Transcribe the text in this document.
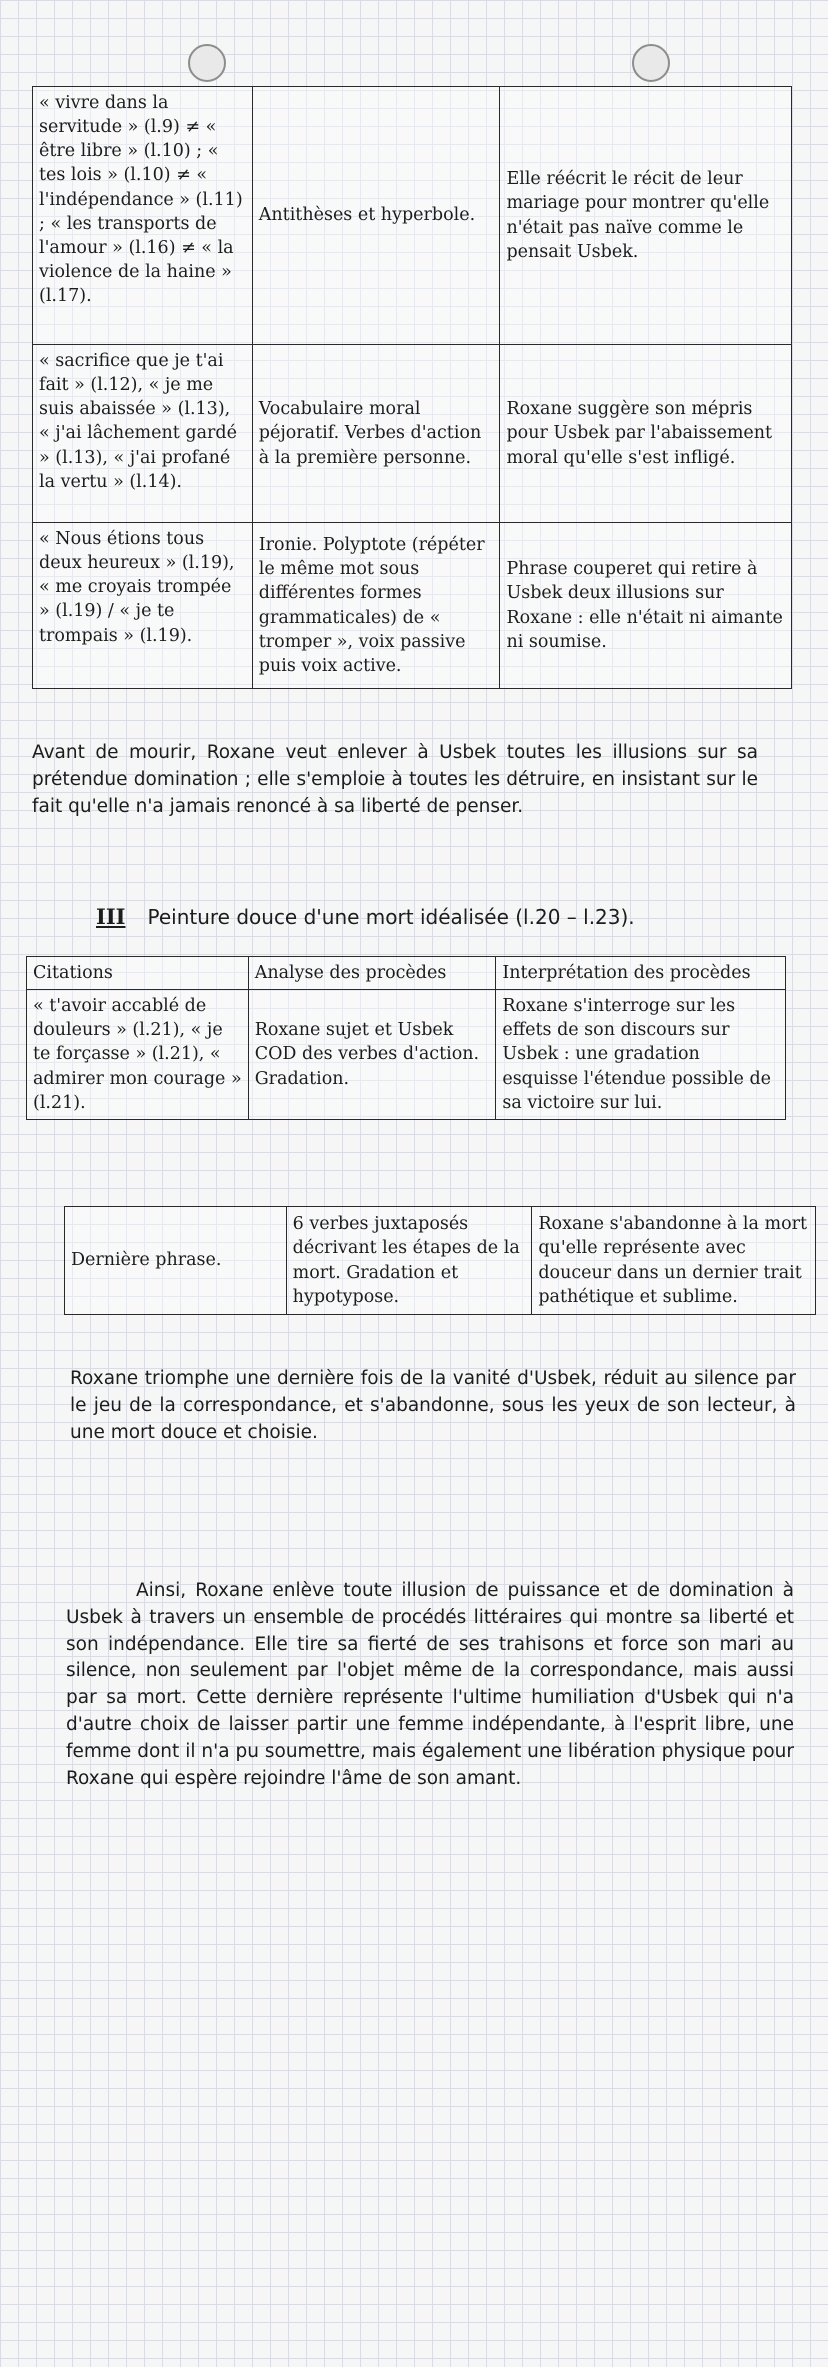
« vivre dans la servitude » (l.9) ≠ « être libre » (l.10) ; « tes lois » (l.10) ≠ « l'indépendance » (l.11) ; « les transports de l'amour » (l.16) ≠ « la violence de la haine » (l.17).	Antithèses et hyperbole.	Elle réécrit le récit de leur mariage pour montrer qu'elle n'était pas naïve comme le pensait Usbek.
« sacrifice que je t'ai fait » (l.12), « je me suis abaissée » (l.13), « j'ai lâchement gardé » (l.13), « j'ai profané la vertu » (l.14).	Vocabulaire moral péjoratif. Verbes d'action à la première personne.	Roxane suggère son mépris pour Usbek par l'abaissement moral qu'elle s'est infligé.
« Nous étions tous deux heureux » (l.19), « me croyais trompée » (l.19) / « je te trompais » (l.19).	Ironie. Polyptote (répéter le même mot sous différentes formes grammaticales) de « tromper », voix passive puis voix active.	Phrase couperet qui retire à Usbek deux illusions sur Roxane : elle n'était ni aimante ni soumise.
Avant de mourir, Roxane veut enlever à Usbek toutes les illusions sur sa prétendue domination ; elle s'emploie à toutes les détruire, en insistant sur le fait qu'elle n'a jamais renoncé à sa liberté de penser.
III Peinture douce d'une mort idéalisée (l.20 – l.23).
Citations	Analyse des procèdes	Interprétation des procèdes
« t'avoir accablé de douleurs » (l.21), « je te forçasse » (l.21), « admirer mon courage » (l.21).	Roxane sujet et Usbek COD des verbes d'action. Gradation.	Roxane s'interroge sur les effets de son discours sur Usbek : une gradation esquisse l'étendue possible de sa victoire sur lui.
Dernière phrase.	6 verbes juxtaposés décrivant les étapes de la mort. Gradation et hypotypose.	Roxane s'abandonne à la mort qu'elle représente avec douceur dans un dernier trait pathétique et sublime.
Roxane triomphe une dernière fois de la vanité d'Usbek, réduit au silence par le jeu de la correspondance, et s'abandonne, sous les yeux de son lecteur, à une mort douce et choisie.
Ainsi, Roxane enlève toute illusion de puissance et de domination à Usbek à travers un ensemble de procédés littéraires qui montre sa liberté et son indépendance. Elle tire sa fierté de ses trahisons et force son mari au silence, non seulement par l'objet même de la correspondance, mais aussi par sa mort. Cette dernière représente l'ultime humiliation d'Usbek qui n'a d'autre choix de laisser partir une femme indépendante, à l'esprit libre, une femme dont il n'a pu soumettre, mais également une libération physique pour Roxane qui espère rejoindre l'âme de son amant.
